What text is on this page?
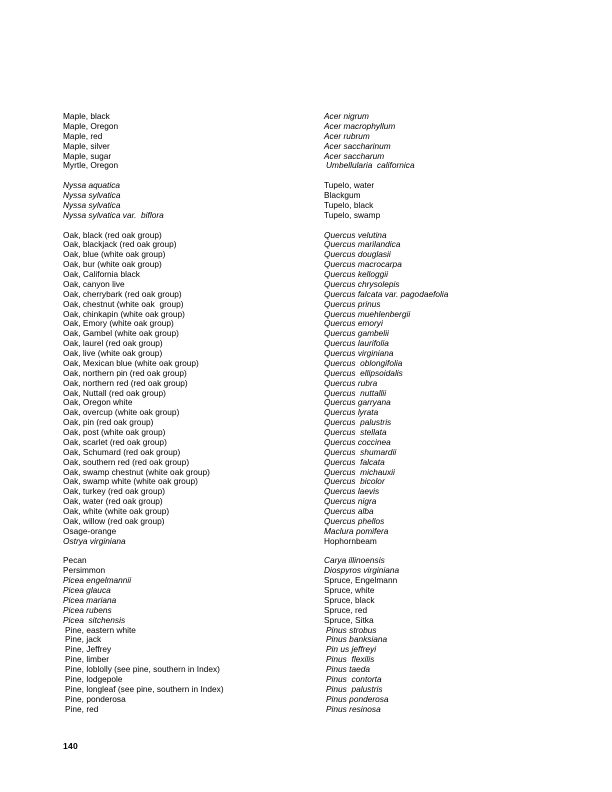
Maple, black
Maple, Oregon
Maple, red
Maple, silver
Maple, sugar
Myrtle, Oregon
Nyssa aquatica
Nyssa sylvatica
Nyssa sylvatica
Nyssa sylvatica var.  biflora
Oak, black (red oak group)
Oak, blackjack (red oak group)
Oak, blue (white oak group)
Oak, bur (white oak group)
Oak, California black
Oak, canyon live
Oak, cherrybark (red oak group)
Oak, chestnut (white oak  group)
Oak, chinkapin (white oak group)
Oak, Emory (white oak group)
Oak, Gambel (white oak group)
Oak, laurel (red oak group)
Oak, live (white oak group)
Oak, Mexican blue (white oak group)
Oak, northern pin (red oak group)
Oak, northern red (red oak group)
Oak, Nuttall (red oak group)
Oak, Oregon white
Oak, overcup (white oak group)
Oak, pin (red oak group)
Oak, post (white oak group)
Oak, scarlet (red oak group)
Oak, Schumard (red oak group)
Oak, southern red (red oak group)
Oak, swamp chestnut (white oak group)
Oak, swamp white (white oak group)
Oak, turkey (red oak group)
Oak, water (red oak group)
Oak, white (white oak group)
Oak, willow (red oak group)
Osage-orange
Ostrya virginiana
Pecan
Persimmon
Picea engelmannii
Picea glauca
Picea mariana
Picea rubens
Picea  sitchensis
Pine, eastern white
Pine, jack
Pine, Jeffrey
Pine, limber
Pine, loblolly (see pine, southern in Index)
Pine, lodgepole
Pine, longleaf (see pine, southern in Index)
Pine, ponderosa
Pine, red
Acer nigrum
Acer macrophyllum
Acer rubrum
Acer saccharinum
Acer saccharum
Umbellularia  californica
Tupelo, water
Blackgum
Tupelo, black
Tupelo, swamp
Quercus velutina
Quercus marilandica
Quercus douglasii
Quercus macrocarpa
Quercus kelloggii
Quercus chrysolepis
Quercus falcata var. pagodaefolia
Quercus prinus
Quercus muehlenbergii
Quercus emoryi
Quercus gambelii
Quercus laurifolia
Quercus virginiana
Quercus  oblongifolia
Quercus  ellipsoidalis
Quercus rubra
Quercus  nuttallii
Quercus garryana
Quercus lyrata
Quercus  palustris
Quercus  stellata
Quercus coccinea
Quercus  shumardii
Quercus  falcata
Quercus  michauxii
Quercus  bicolor
Quercus laevis
Quercus nigra
Quercus alba
Quercus phellos
Maclura pomifera
Hophornbeam
Carya illinoensis
Diospyros virginiana
Spruce, Engelmann
Spruce, white
Spruce, black
Spruce, red
Spruce, Sitka
Pinus strobus
Pinus banksiana
Pin us jeffreyi
Pinus  flexilis
Pinus taeda
Pinus  contorta
Pinus  palustris
Pinus ponderosa
Pinus resinosa
140
